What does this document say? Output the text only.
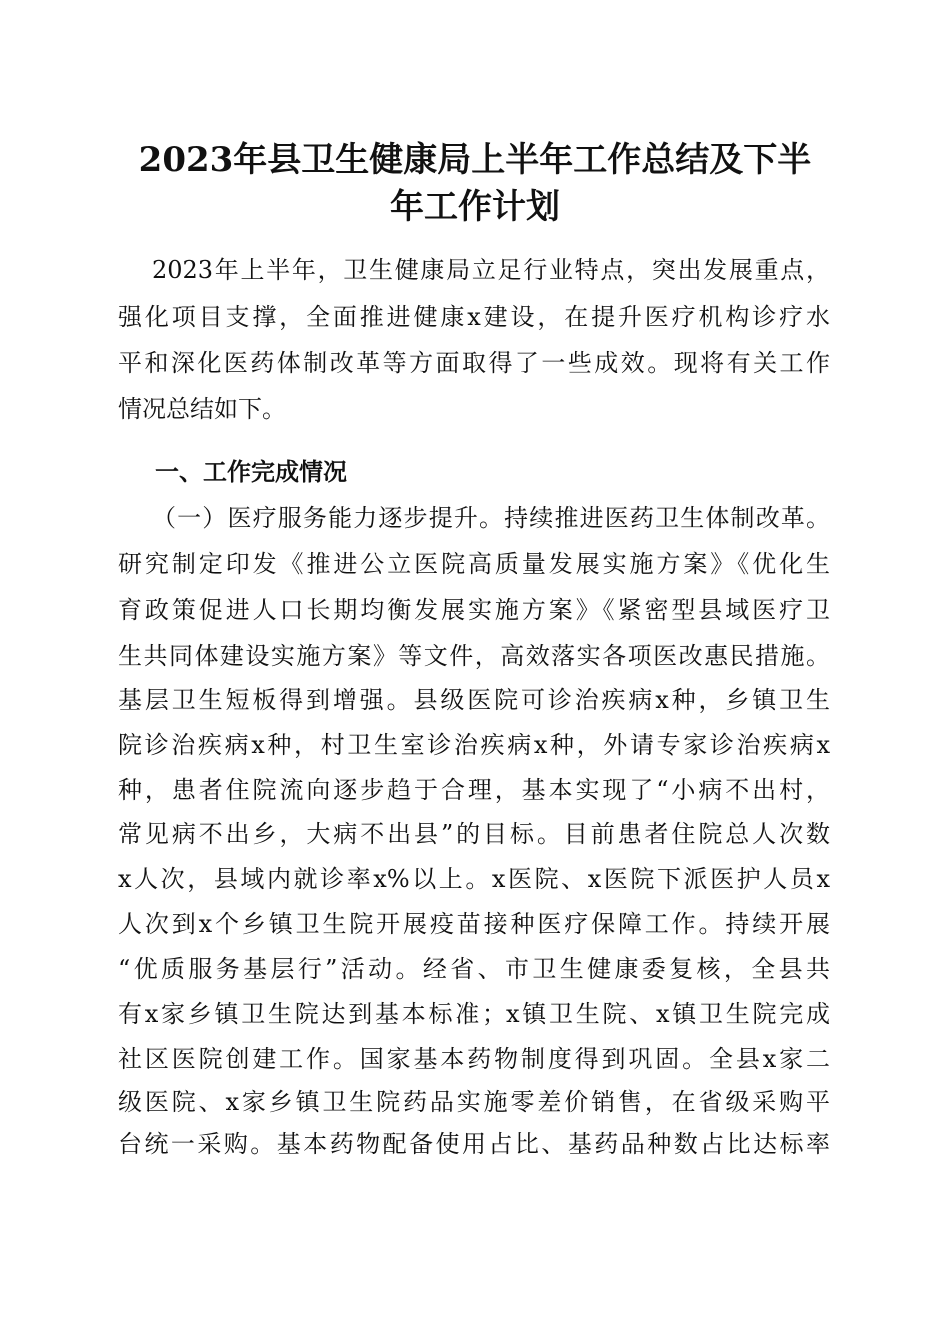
2023年县卫生健康局上半年工作总结及下半
年工作计划
2023年上半年，卫生健康局立足行业特点，突出发展重点，
强化项目支撑，全面推进健康x建设，在提升医疗机构诊疗水
平和深化医药体制改革等方面取得了一些成效。现将有关工作
情况总结如下。
一、工作完成情况
（一）医疗服务能力逐步提升。持续推进医药卫生体制改革。
研究制定印发《推进公立医院高质量发展实施方案》《优化生
育政策促进人口长期均衡发展实施方案》《紧密型县域医疗卫
生共同体建设实施方案》等文件，高效落实各项医改惠民措施。
基层卫生短板得到增强。县级医院可诊治疾病x种，乡镇卫生
院诊治疾病x种，村卫生室诊治疾病x种，外请专家诊治疾病x
种，患者住院流向逐步趋于合理，基本实现了“小病不出村，
常见病不出乡，大病不出县”的目标。目前患者住院总人次数
x人次，县域内就诊率x%以上。x医院、x医院下派医护人员x
人次到x个乡镇卫生院开展疫苗接种医疗保障工作。持续开展
“优质服务基层行”活动。经省、市卫生健康委复核，全县共
有x家乡镇卫生院达到基本标准；x镇卫生院、x镇卫生院完成
社区医院创建工作。国家基本药物制度得到巩固。全县x家二
级医院、x家乡镇卫生院药品实施零差价销售，在省级采购平
台统一采购。基本药物配备使用占比、基药品种数占比达标率
